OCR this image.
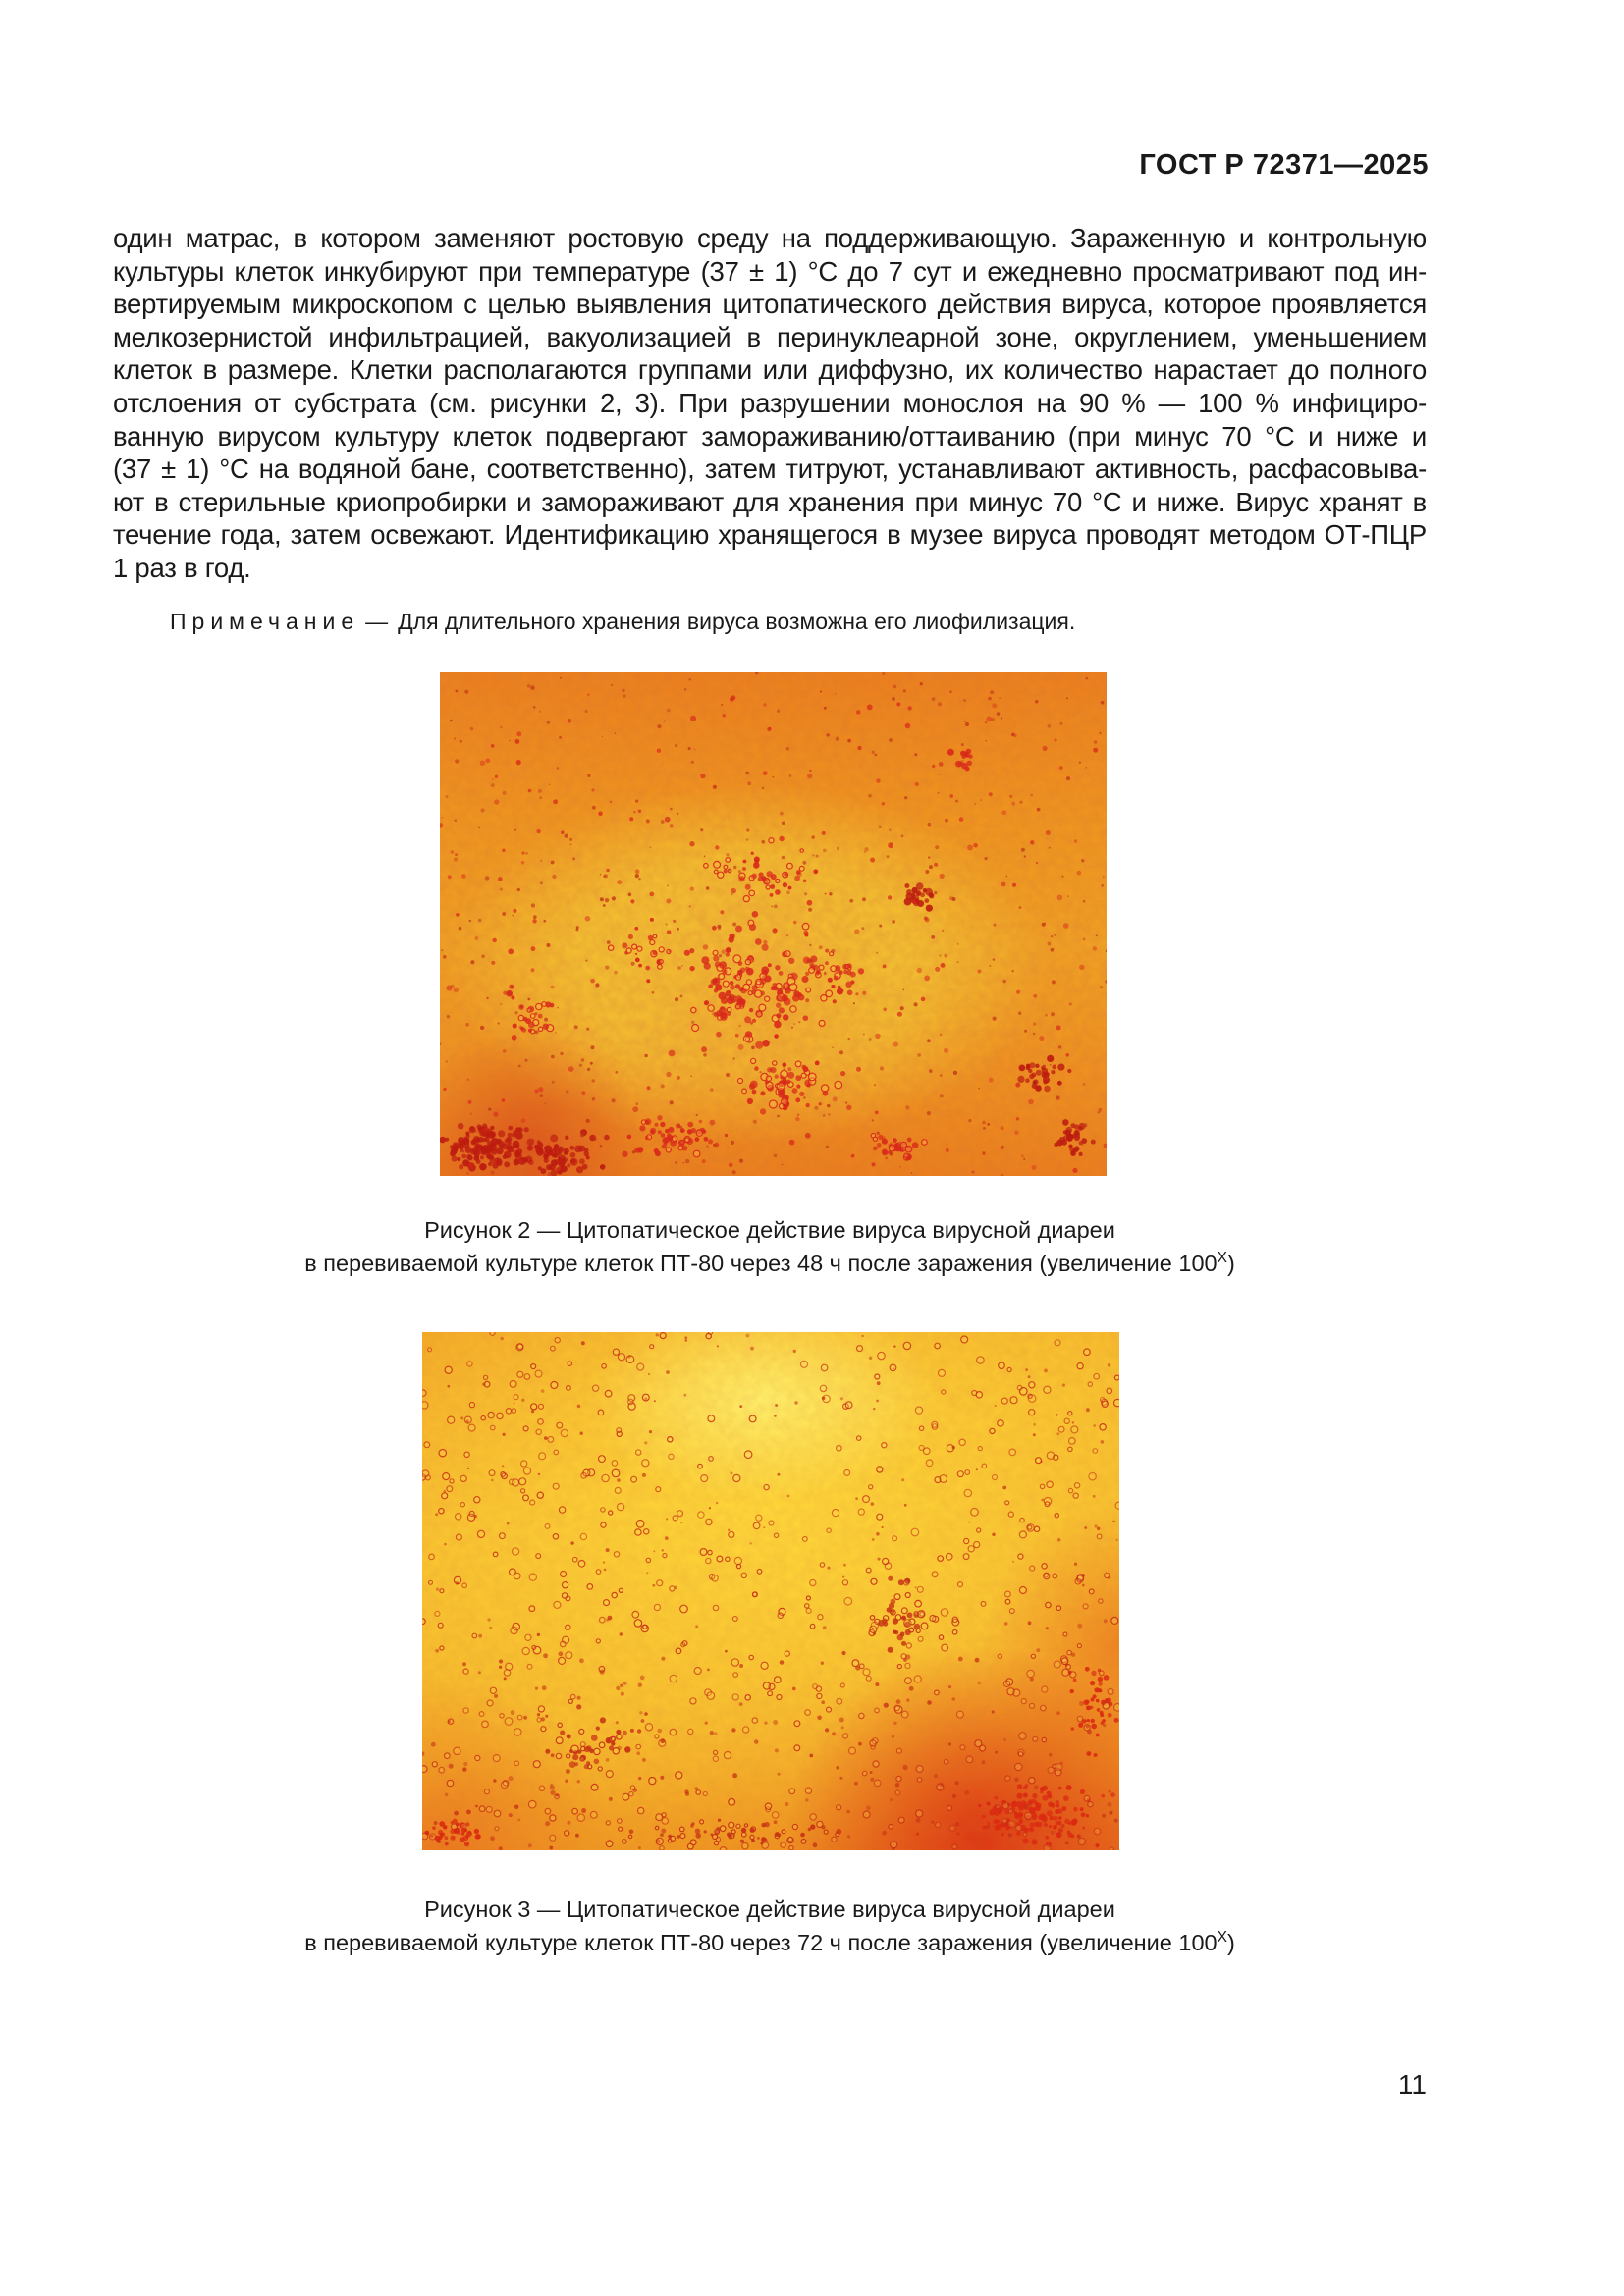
ГОСТ Р 72371—2025
один матрас, в котором заменяют ростовую среду на поддерживающую. Зараженную и контрольную
культуры клеток инкубируют при температуре (37 ± 1) °С до 7 сут и ежедневно просматривают под ин-
вертируемым микроскопом с целью выявления цитопатического действия вируса, которое проявляется
мелкозернистой инфильтрацией, вакуолизацией в перинуклеарной зоне, округлением, уменьшением
клеток в размере. Клетки располагаются группами или диффузно, их количество нарастает до полного
отслоения от субстрата (см. рисунки 2, 3). При разрушении монослоя на 90 % — 100 % инфициро-
ванную вирусом культуру клеток подвергают замораживанию/оттаиванию (при минус 70 °С и ниже и
(37 ± 1) °С на водяной бане, соответственно), затем титруют, устанавливают активность, расфасовыва-
ют в стерильные криопробирки и замораживают для хранения при минус 70 °С и ниже. Вирус хранят в
течение года, затем освежают. Идентификацию хранящегося в музее вируса проводят методом ОТ-ПЦР
1 раз в год.
Примечание — Для длительного хранения вируса возможна его лиофилизация.
Рисунок 2 — Цитопатическое действие вируса вирусной диареи
в перевиваемой культуре клеток ПТ-80 через 48 ч после заражения (увеличение $100^Х$)
Рисунок 3 — Цитопатическое действие вируса вирусной диареи
в перевиваемой культуре клеток ПТ-80 через 72 ч после заражения (увеличение $100^Х$)
11
